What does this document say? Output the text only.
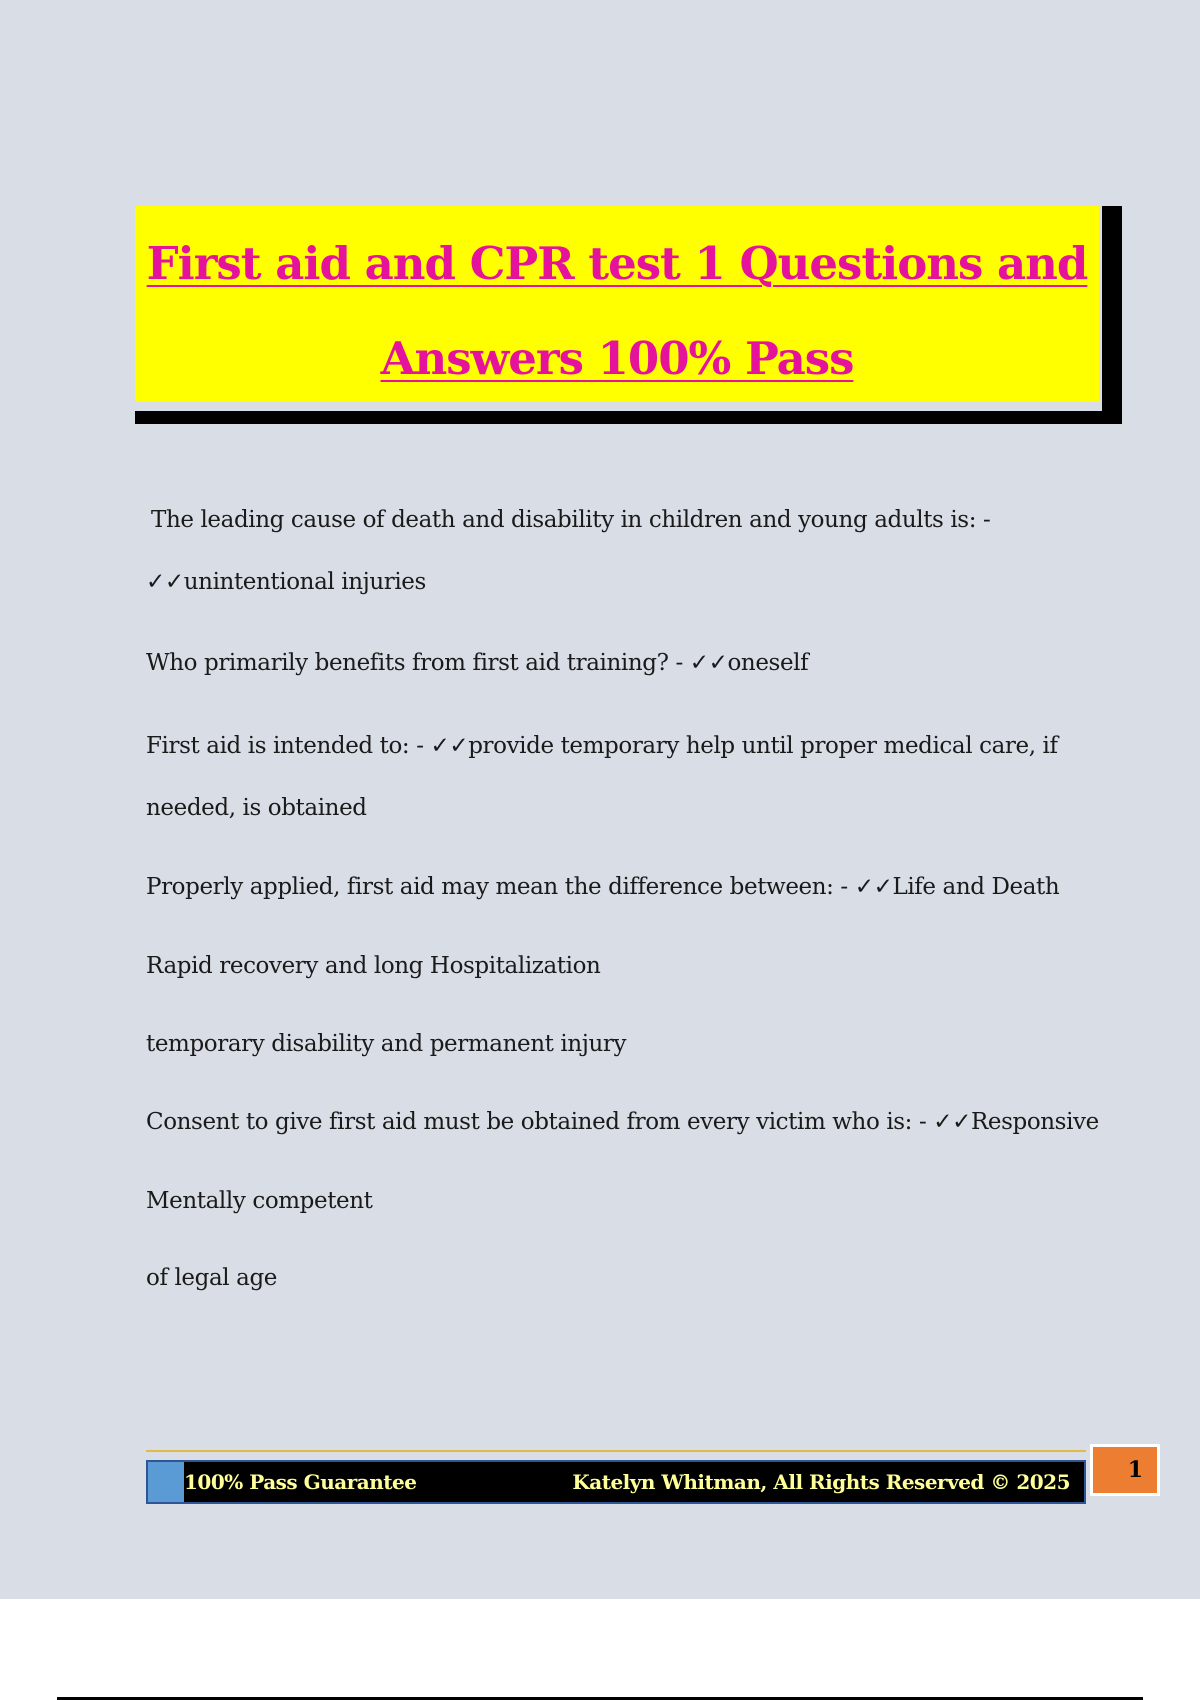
First aid and CPR test 1 Questions and
Answers 100% Pass
The leading cause of death and disability in children and young adults is: -
✓✓unintentional injuries
Who primarily benefits from first aid training? - ✓✓oneself
First aid is intended to: - ✓✓provide temporary help until proper medical care, if
needed, is obtained
Properly applied, first aid may mean the difference between: - ✓✓Life and Death
Rapid recovery and long Hospitalization
temporary disability and permanent injury
Consent to give first aid must be obtained from every victim who is: - ✓✓Responsive
Mentally competent
of legal age
100% Pass Guarantee	Katelyn Whitman, All Rights Reserved © 2025	1
